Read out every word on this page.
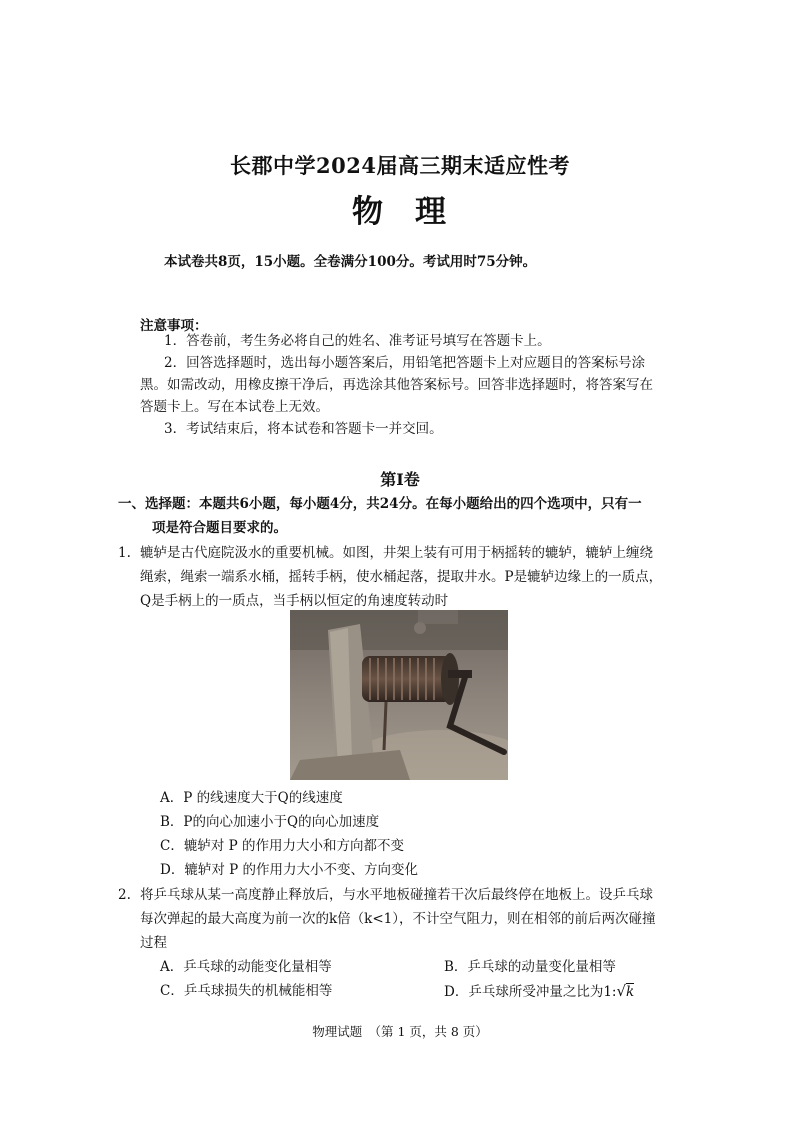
长郡中学2024届高三期末适应性考
物理
本试卷共8页，15小题。全卷满分100分。考试用时75分钟。
注意事项：
1．答卷前，考生务必将自己的姓名、准考证号填写在答题卡上。
2．回答选择题时，选出每小题答案后，用铅笔把答题卡上对应题目的答案标号涂
黑。如需改动，用橡皮擦干净后，再选涂其他答案标号。回答非选择题时，将答案写在
答题卡上。写在本试卷上无效。
3．考试结束后，将本试卷和答题卡一并交回。
第Ⅰ卷
一、选择题：本题共6小题，每小题4分，共24分。在每小题给出的四个选项中，只有一
项是符合题目要求的。
1. 辘轳是古代庭院汲水的重要机械。如图，井架上装有可用于柄摇转的辘轳，辘轳上缠绕
绳索，绳索一端系水桶，摇转手柄，使水桶起落，提取井水。P是辘轳边缘上的一质点，
Q是手柄上的一质点，当手柄以恒定的角速度转动时
A．P 的线速度大于Q的线速度
B．P的向心加速小于Q的向心加速度
C．辘轳对 P 的作用力大小和方向都不变
D．辘轳对 P 的作用力大小不变、方向变化
2. 将乒乓球从某一高度静止释放后，与水平地板碰撞若干次后最终停在地板上。设乒乓球
每次弹起的最大高度为前一次的k倍（k<1），不计空气阻力，则在相邻的前后两次碰撞
过程
A．乒乓球的动能变化量相等	B．乒乓球的动量变化量相等
C．乒乓球损失的机械能相等	D．乒乓球所受冲量之比为1:√k
物理试题　（第 1 页，共 8 页）
